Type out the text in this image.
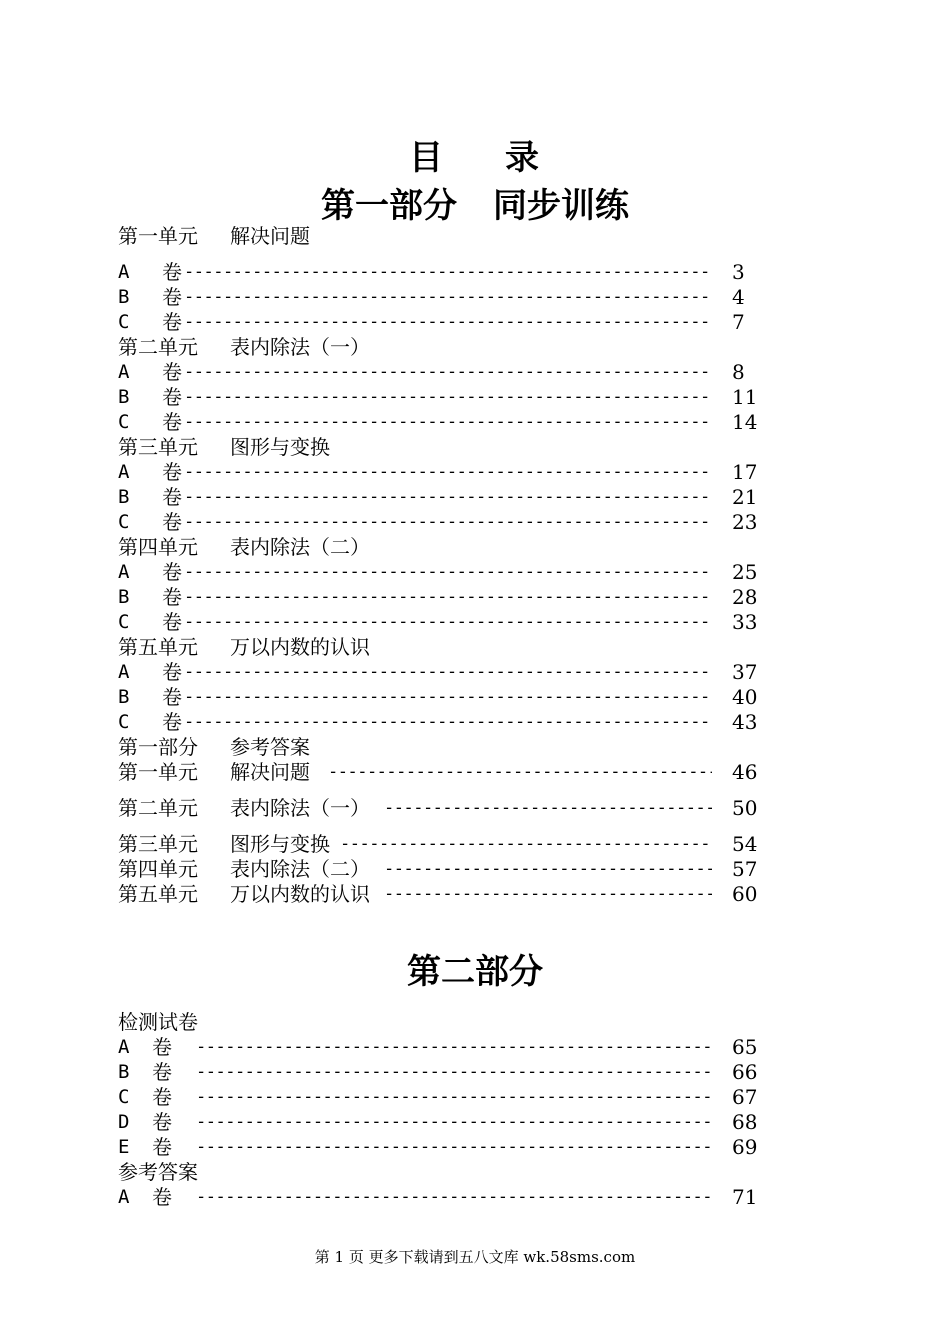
目 录
第一部分 同步训练
第一单元 解决问题
A 卷 -----	3
B 卷 -----	4
C 卷 -----	7
第二单元 表内除法（一）
A 卷 -----	8
B 卷 -----	11
C 卷 -----	14
第三单元 图形与变换
A 卷 -----	17
B 卷 -----	21
C 卷 -----	23
第四单元 表内除法（二）
A 卷 -----	25
B 卷 -----	28
C 卷 -----	33
第五单元 万以内数的认识
A 卷 -----	37
B 卷 -----	40
C 卷 -----	43
第一部分 参考答案
第一单元 解决问题 -----	46
第二单元 表内除法（一） -----	50
第三单元 图形与变换 -----	54
第四单元 表内除法（二） -----	57
第五单元 万以内数的认识 -----	60
第二部分
检测试卷
A 卷 -----	65
B 卷 -----	66
C 卷 -----	67
D 卷 -----	68
E 卷 -----	69
参考答案
A 卷 -----	71
第 1 页 更多下载请到五八文库 wk.58sms.com
